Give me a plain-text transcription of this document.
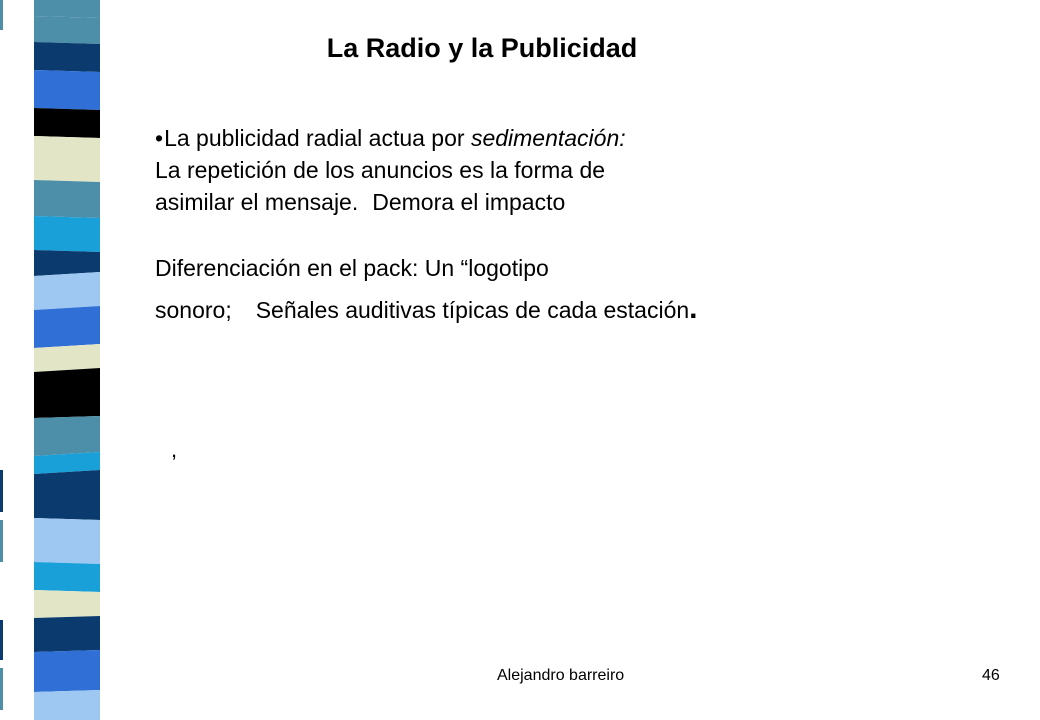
La Radio y la Publicidad
•La publicidad radial actua por sedimentación:
La repetición de los anuncios es la forma de
asimilar el mensaje. Demora el impacto
Diferenciación en el pack: Un “logotipo
sonoro; Señales auditivas típicas de cada estación.
,
Alejandro barreiro	46
